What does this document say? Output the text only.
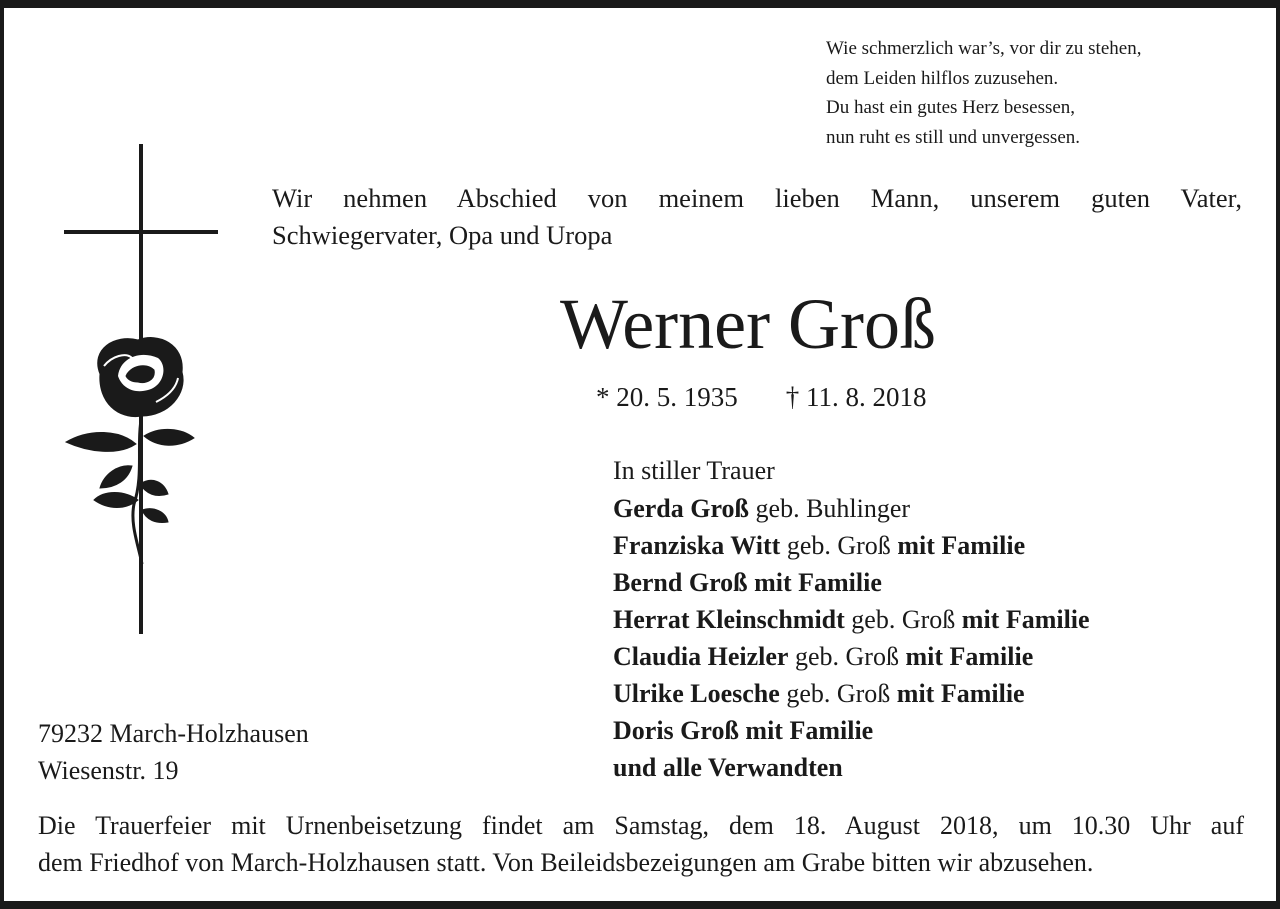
Wie schmerzlich war’s, vor dir zu stehen,
dem Leiden hilflos zuzusehen.
Du hast ein gutes Herz besessen,
nun ruht es still und unvergessen.
Wir nehmen Abschied von meinem lieben Mann, unserem guten Vater,
Schwiegervater, Opa und Uropa
Werner Groß
* 20. 5. 1935 † 11. 8. 2018
In stiller Trauer
Gerda Groß geb. Buhlinger
Franziska Witt geb. Groß mit Familie
Bernd Groß mit Familie
Herrat Kleinschmidt geb. Groß mit Familie
Claudia Heizler geb. Groß mit Familie
Ulrike Loesche geb. Groß mit Familie
Doris Groß mit Familie
und alle Verwandten
79232 March-Holzhausen
Wiesenstr. 19
Die Trauerfeier mit Urnenbeisetzung findet am Samstag, dem 18. August 2018, um 10.30 Uhr auf
dem Friedhof von March-Holzhausen statt. Von Beileidsbezeigungen am Grabe bitten wir abzusehen.
